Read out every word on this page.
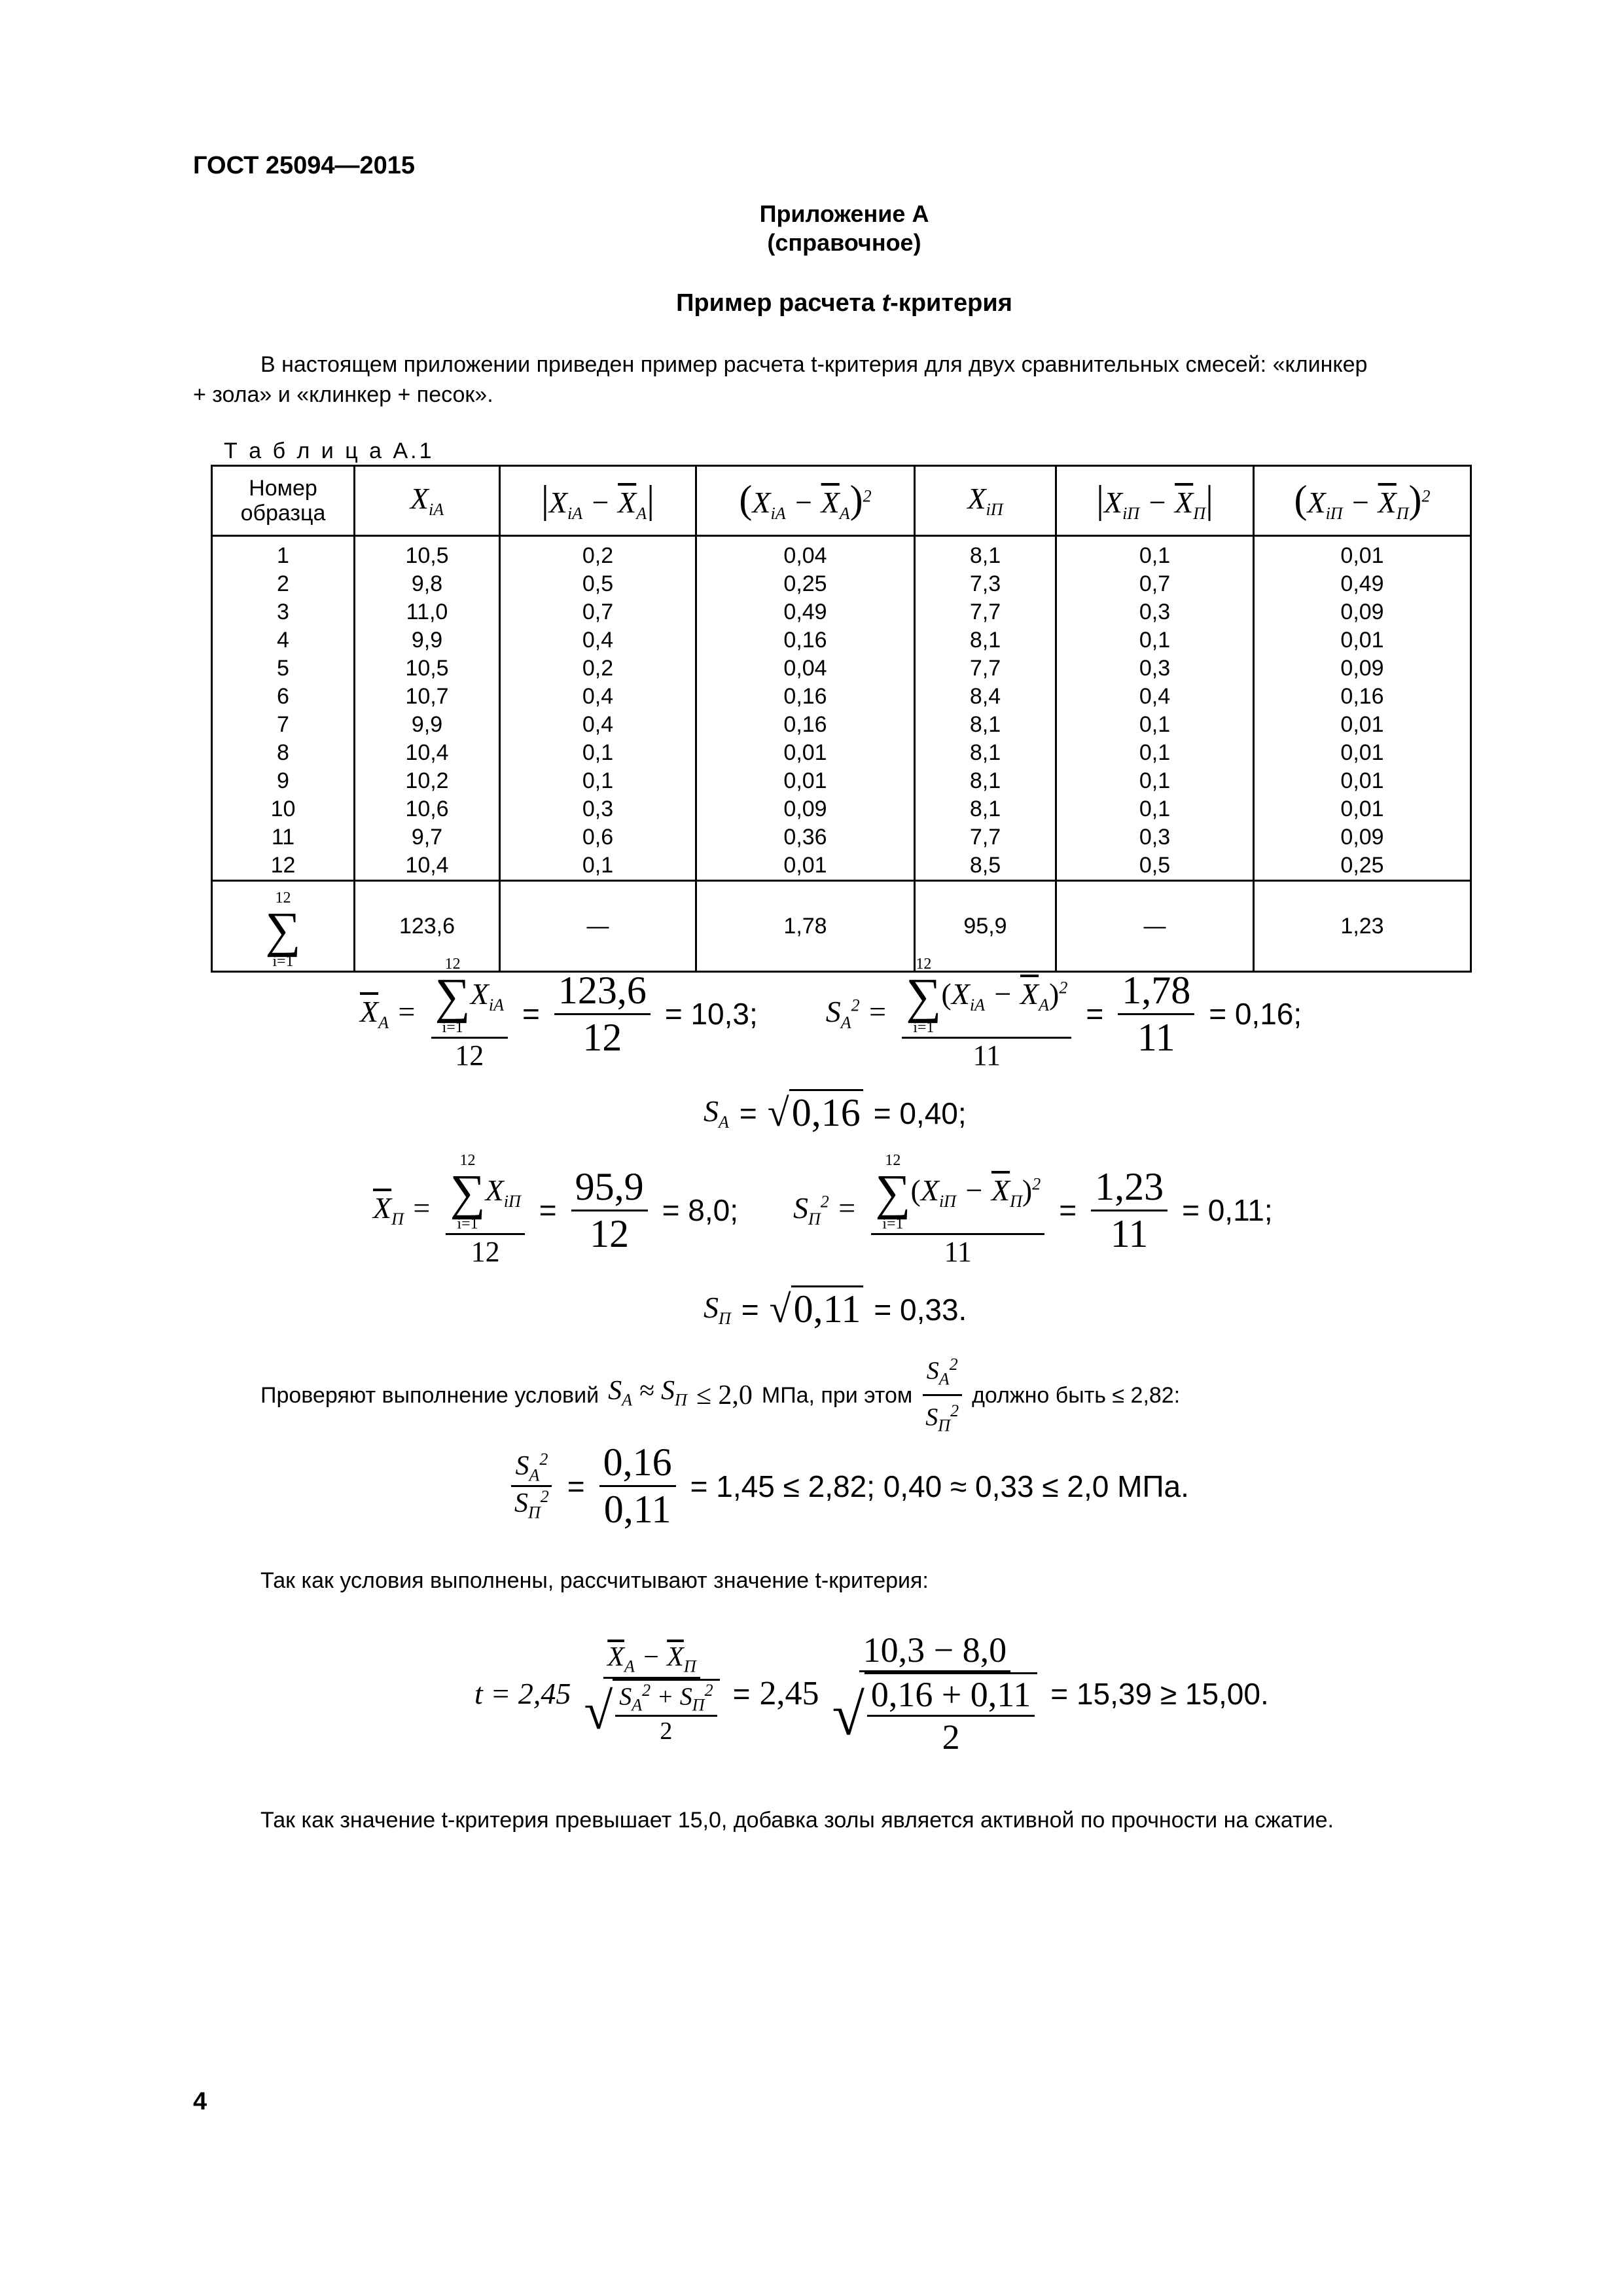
ГОСТ 25094—2015
Приложение А
(справочное)
Пример расчета t-критерия
В настоящем приложении приведен пример расчета t-критерия для двух сравнительных смесей: «клинкер
+ зола» и «клинкер + песок».
Т а б л и ц а А.1
Номер образца	$X_{iА}$	$|X_{iА} - \overline{X}_А|$	$(X_{iА} - \overline{X}_А)^2$	$X_{iП}$	$|X_{iП} - \overline{X}_П|$	$(X_{iП} - \overline{X}_П)^2$
1	10,5	0,2	0,04	8,1	0,1	0,01
2	9,8	0,5	0,25	7,3	0,7	0,49
3	11,0	0,7	0,49	7,7	0,3	0,09
4	9,9	0,4	0,16	8,1	0,1	0,01
5	10,5	0,2	0,04	7,7	0,3	0,09
6	10,7	0,4	0,16	8,4	0,4	0,16
7	9,9	0,4	0,16	8,1	0,1	0,01
8	10,4	0,1	0,01	8,1	0,1	0,01
9	10,2	0,1	0,01	8,1	0,1	0,01
10	10,6	0,3	0,09	8,1	0,1	0,01
11	9,7	0,6	0,36	7,7	0,3	0,09
12	10,4	0,1	0,01	8,5	0,5	0,25

12
∑
i=1	123,6	—	1,78	95,9	—	1,23
$\overline{X}_А = 12$
∑
i=1
$X_{iА}$
$12 = \frac{123,6}{12} = 10,3$; $S_А^2 = 12$
∑
i=1
$(X_{iА} - \overline{X}_А)^2$
$11 = \frac{1,78}{11} = 0,16$;
$S_А = √0,16 = 0,40$;
$\overline{X}_П = 12$
∑
i=1
$X_{iП}$
$12 = \frac{95,9}{12} = 8,0$; $S_П^2 = 12$
∑
i=1
$(X_{iП} - \overline{X}_П)^2$
$11 = \frac{1,23}{11} = 0,11$;
$S_П = √0,11 = 0,33$.
Проверяют выполнение условий $S_А \approx S_П \le 2,0$ МПа, при этом $\frac{S_А^2}{S_П^2}$ должно быть ≤ 2,82:
$\frac{S_А^2}{S_П^2} = \frac{0,16}{0,11} = 1,45 \le 2,82$; 0,40 ≈ 0,33 ≤ 2,0 МПа.
Так как условия выполнены, рассчитывают значение t-критерия:
$t = 2,45 \frac{\overline{X}_А - \overline{X}_П}{√ \frac{S_А^2 + S_П^2}{2}} = 2,45 \frac{10,3 - 8,0}{√ \frac{0,16 + 0,11}{2}} = 15,39 \ge 15,00$.
Так как значение t-критерия превышает 15,0, добавка золы является активной по прочности на сжатие.
4
